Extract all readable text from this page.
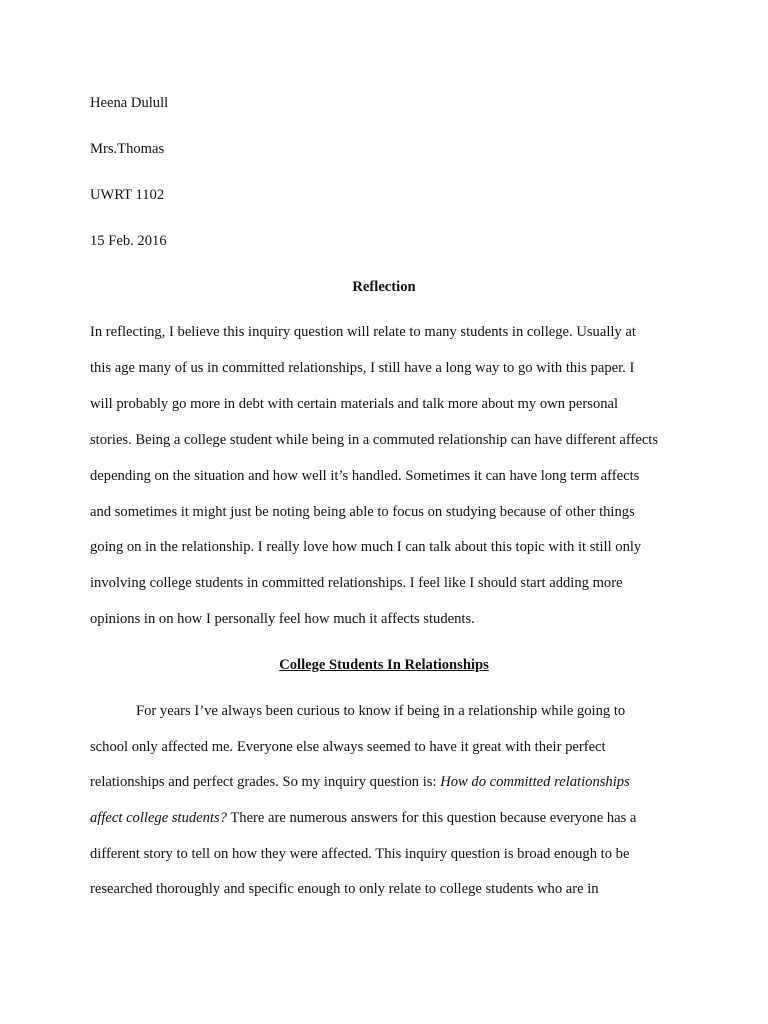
Heena Dulull
Mrs.Thomas
UWRT 1102
15 Feb. 2016
Reflection
In reflecting, I believe this inquiry question will relate to many students in college. Usually at
this age many of us in committed relationships, I still have a long way to go with this paper. I
will probably go more in debt with certain materials and talk more about my own personal
stories. Being a college student while being in a commuted relationship can have different affects
depending on the situation and how well it’s handled. Sometimes it can have long term affects
and sometimes it might just be noting being able to focus on studying because of other things
going on in the relationship. I really love how much I can talk about this topic with it still only
involving college students in committed relationships. I feel like I should start adding more
opinions in on how I personally feel how much it affects students.
College Students In Relationships
For years I’ve always been curious to know if being in a relationship while going to
school only affected me. Everyone else always seemed to have it great with their perfect
relationships and perfect grades. So my inquiry question is: How do committed relationships
affect college students? There are numerous answers for this question because everyone has a
different story to tell on how they were affected. This inquiry question is broad enough to be
researched thoroughly and specific enough to only relate to college students who are in
